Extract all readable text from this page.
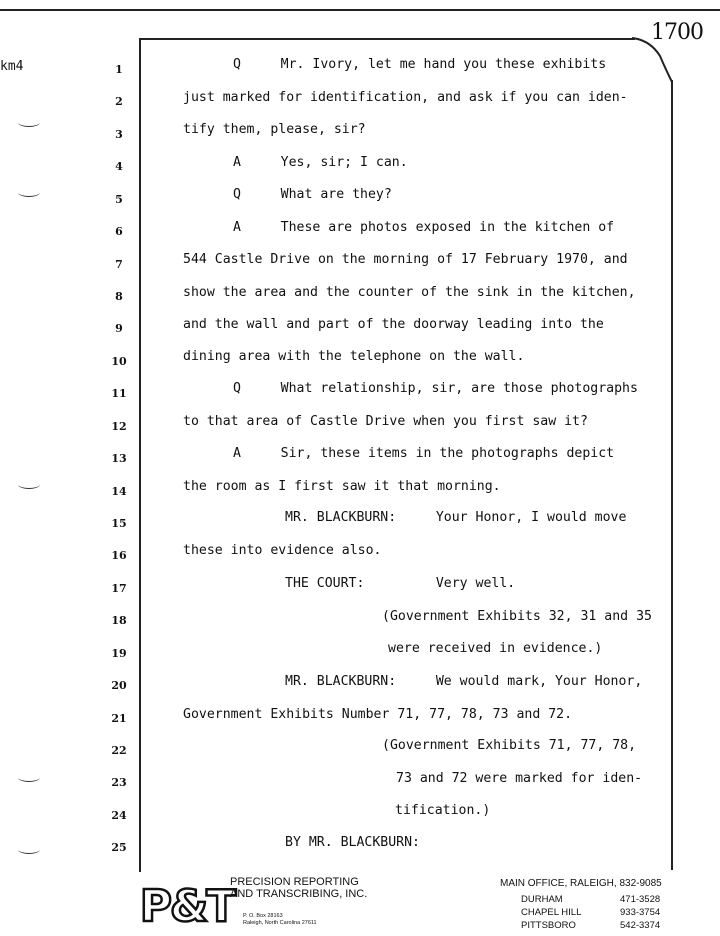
1700
km4	1
2
3
4
5
6
7
8
9
10
11
12
13
14
15
16
17
18
19
20
21
22
23
24
25
Q     Mr. Ivory, let me hand you these exhibits
just marked for identification, and ask if you can iden-
tify them, please, sir?
A     Yes, sir; I can.
Q     What are they?
A     These are photos exposed in the kitchen of
544 Castle Drive on the morning of 17 February 1970, and
show the area and the counter of the sink in the kitchen,
and the wall and part of the doorway leading into the
dining area with the telephone on the wall.
Q     What relationship, sir, are those photographs
to that area of Castle Drive when you first saw it?
A     Sir, these items in the photographs depict
the room as I first saw it that morning.
MR. BLACKBURN:     Your Honor, I would move
these into evidence also.
THE COURT:         Very well.
(Government Exhibits 32, 31 and 35
were received in evidence.)
MR. BLACKBURN:     We would mark, Your Honor,
Government Exhibits Number 71, 77, 78, 73 and 72.
(Government Exhibits 71, 77, 78,
73 and 72 were marked for iden-
tification.)
BY MR. BLACKBURN:
P&T
PRECISION REPORTING
AND TRANSCRIBING, INC.
P. O. Box 28163
Raleigh, North Carolina 27611
MAIN OFFICE, RALEIGH, 832-9085
DURHAM	471-3528
CHAPEL HILL	933-3754
PITTSBORO	542-3374
